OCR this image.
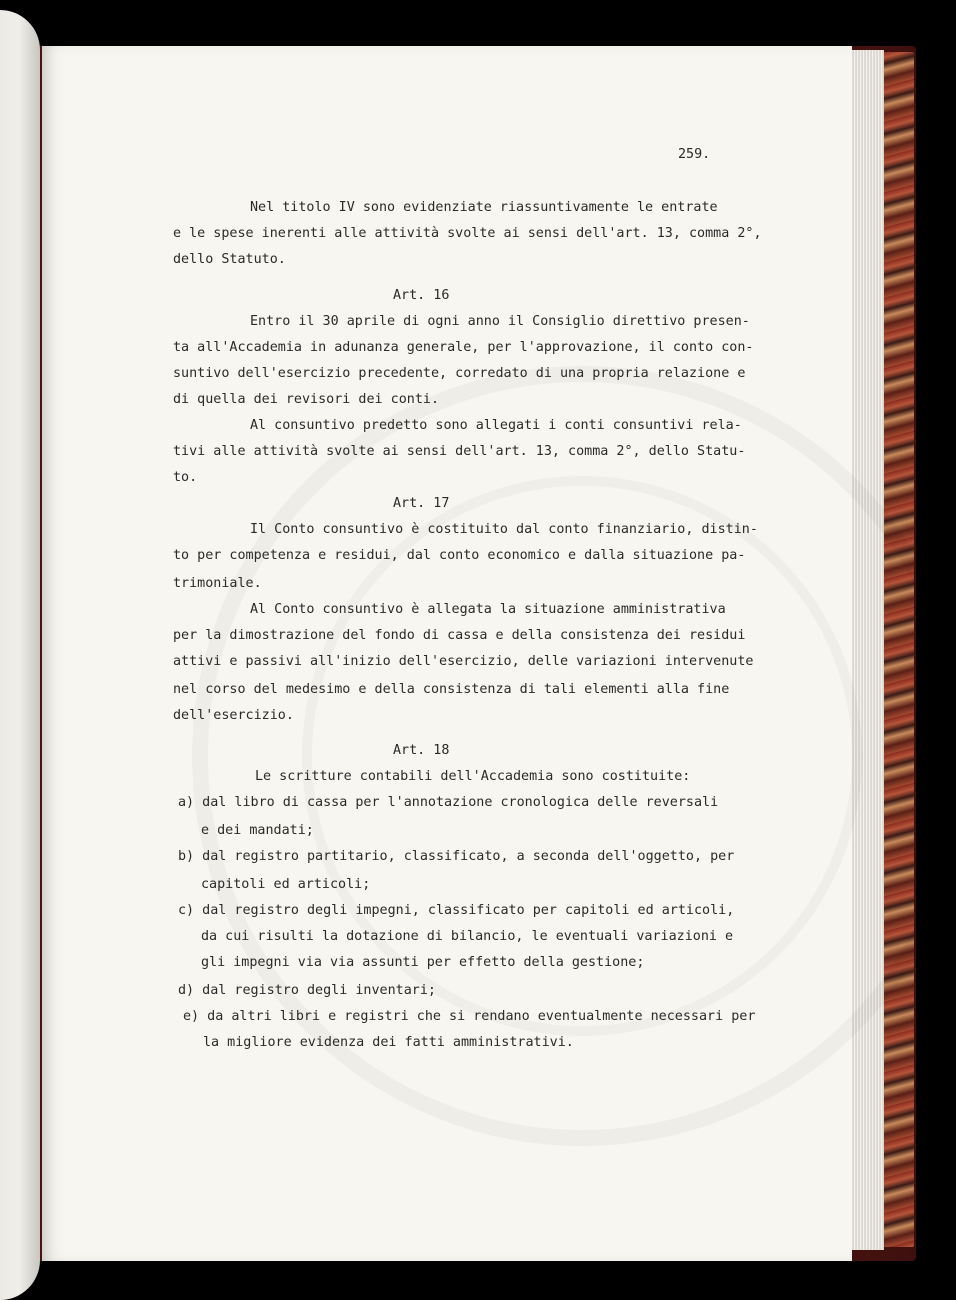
259.
Nel titolo IV sono evidenziate riassuntivamente le entrate
e le spese inerenti alle attività svolte ai sensi dell'art. 13, comma 2°,
dello Statuto.
Art. 16
Entro il 30 aprile di ogni anno il Consiglio direttivo presen-
ta all'Accademia in adunanza generale, per l'approvazione, il conto con-
suntivo dell'esercizio precedente, corredato di una propria relazione e
di quella dei revisori dei conti.
Al consuntivo predetto sono allegati i conti consuntivi rela-
tivi alle attività svolte ai sensi dell'art. 13, comma 2°, dello Statu-
to.
Art. 17
Il Conto consuntivo è costituito dal conto finanziario, distin-
to per competenza e residui, dal conto economico e dalla situazione pa-
trimoniale.
Al Conto consuntivo è allegata la situazione amministrativa
per la dimostrazione del fondo di cassa e della consistenza dei residui
attivi e passivi all'inizio dell'esercizio, delle variazioni intervenute
nel corso del medesimo e della consistenza di tali elementi alla fine
dell'esercizio.
Art. 18
Le scritture contabili dell'Accademia sono costituite:
a) dal libro di cassa per l'annotazione cronologica delle reversali
e dei mandati;
b) dal registro partitario, classificato, a seconda dell'oggetto, per
capitoli ed articoli;
c) dal registro degli impegni, classificato per capitoli ed articoli,
da cui risulti la dotazione di bilancio, le eventuali variazioni e
gli impegni via via assunti per effetto della gestione;
d) dal registro degli inventari;
e) da altri libri e registri che si rendano eventualmente necessari per
la migliore evidenza dei fatti amministrativi.
